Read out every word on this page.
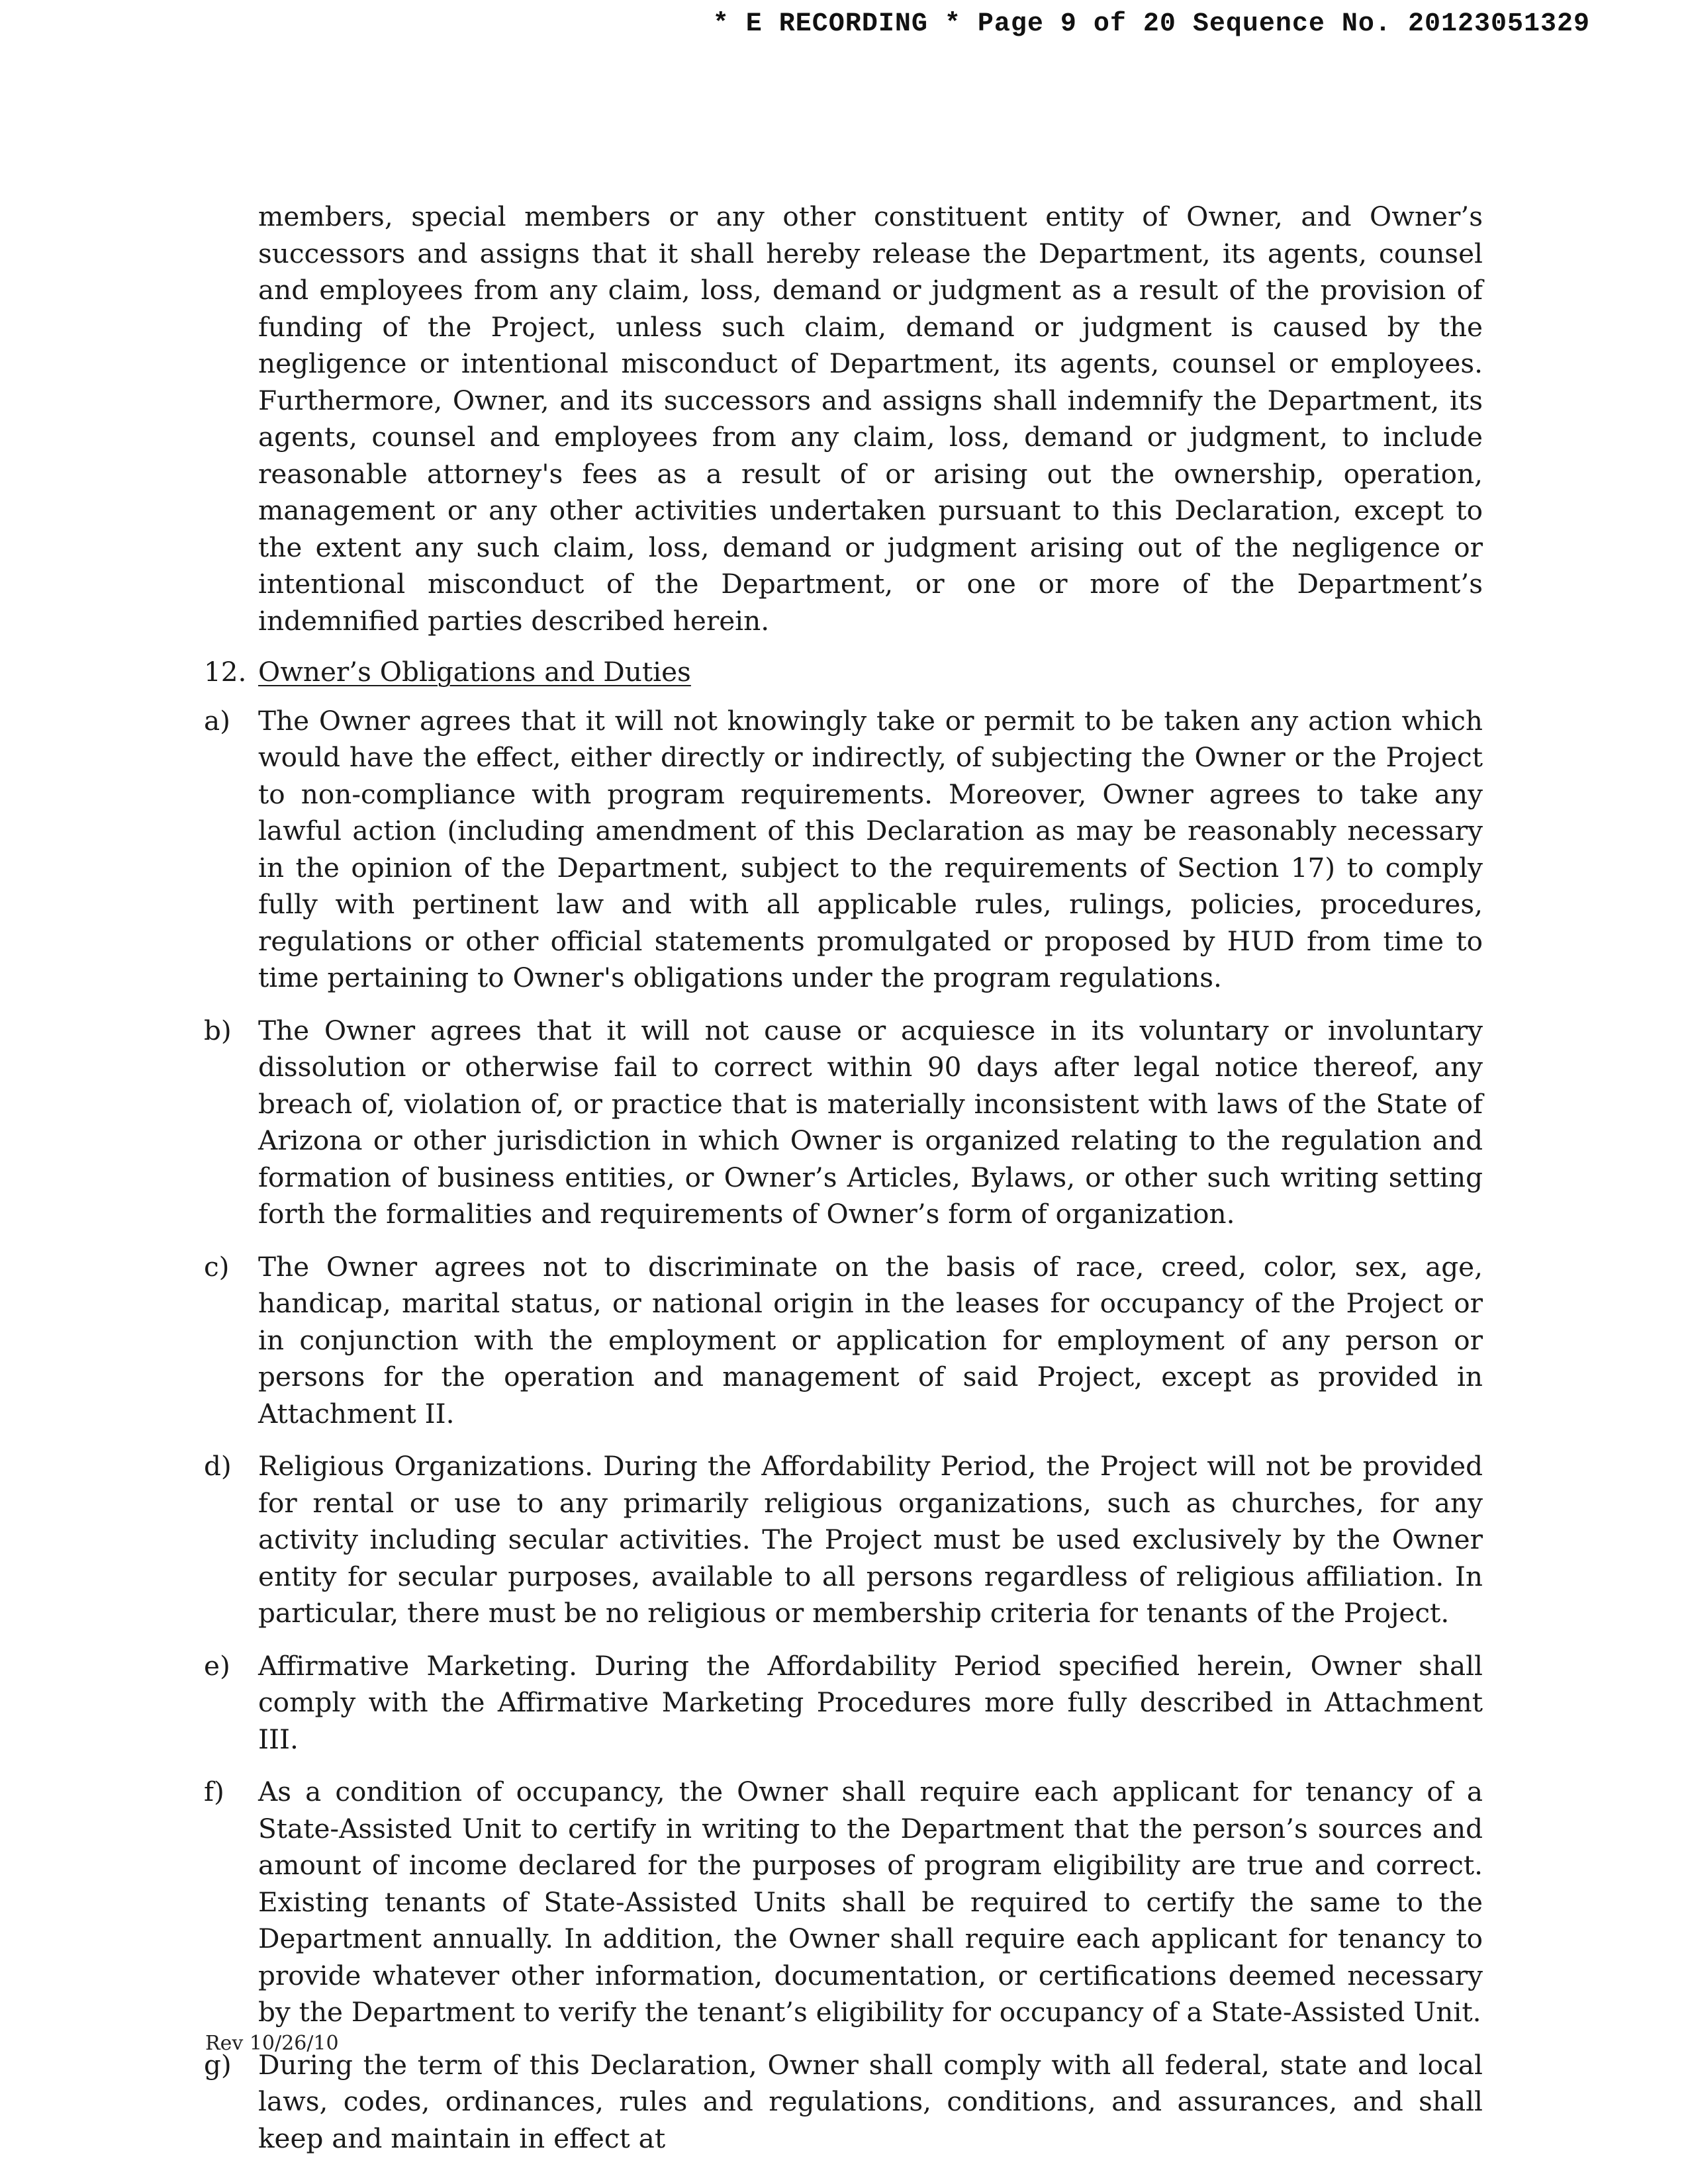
* E RECORDING * Page 9 of 20 Sequence No. 20123051329

members, special members or any other constituent entity of Owner, and Owner’s successors and assigns that it shall hereby release the Department, its agents, counsel and employees from any claim, loss, demand or judgment as a result of the provision of funding of the Project, unless such claim, demand or judgment is caused by the negligence or intentional misconduct of Department, its agents, counsel or employees. Furthermore, Owner, and its successors and assigns shall indemnify the Department, its agents, counsel and employees from any claim, loss, demand or judgment, to include reasonable attorney's fees as a result of or arising out the ownership, operation, management or any other activities undertaken pursuant to this Declaration, except to the extent any such claim, loss, demand or judgment arising out of the negligence or intentional misconduct of the Department, or one or more of the Department’s indemnified parties described herein.

12. Owner’s Obligations and Duties
a)	The Owner agrees that it will not knowingly take or permit to be taken any action which would have the effect, either directly or indirectly, of subjecting the Owner or the Project to non-compliance with program requirements. Moreover, Owner agrees to take any lawful action (including amendment of this Declaration as may be reasonably necessary in the opinion of the Department, subject to the requirements of Section 17) to comply fully with pertinent law and with all applicable rules, rulings, policies, procedures, regulations or other official statements promulgated or proposed by HUD from time to time pertaining to Owner's obligations under the program regulations.
b) The Owner agrees that it will not cause or acquiesce in its voluntary or involuntary dissolution or otherwise fail to correct within 90 days after legal notice thereof, any breach of, violation of, or practice that is materially inconsistent with laws of the State of Arizona or other jurisdiction in which Owner is organized relating to the regulation and formation of business entities, or Owner’s Articles, Bylaws, or other such writing setting forth the formalities and requirements of Owner’s form of organization.
c)	The Owner agrees not to discriminate on the basis of race, creed, color, sex, age, handicap, marital status, or national origin in the leases for occupancy of the Project or in conjunction with the employment or application for employment of any person or persons for the operation and management of said Project, except as provided in Attachment II.
d) Religious Organizations. During the Affordability Period, the Project will not be provided for rental or use to any primarily religious organizations, such as churches, for any activity including secular activities. The Project must be used exclusively by the Owner entity for secular purposes, available to all persons regardless of religious affiliation. In particular, there must be no religious or membership criteria for tenants of the Project.
e)	Affirmative Marketing. During the Affordability Period specified herein, Owner shall comply with the Affirmative Marketing Procedures more fully described in Attachment III.
f)	As a condition of occupancy, the Owner shall require each applicant for tenancy of a State-Assisted Unit to certify in writing to the Department that the person’s sources and amount of income declared for the purposes of program eligibility are true and correct. Existing tenants of State-Assisted Units shall be required to certify the same to the Department annually. In addition, the Owner shall require each applicant for tenancy to provide whatever other information, documentation, or certifications deemed necessary by the Department to verify the tenant’s eligibility for occupancy of a State-Assisted Unit.
g) During the term of this Declaration, Owner shall comply with all federal, state and local laws, codes, ordinances, rules and regulations, conditions, and assurances, and shall keep and maintain in effect at
Rev 10/26/10
